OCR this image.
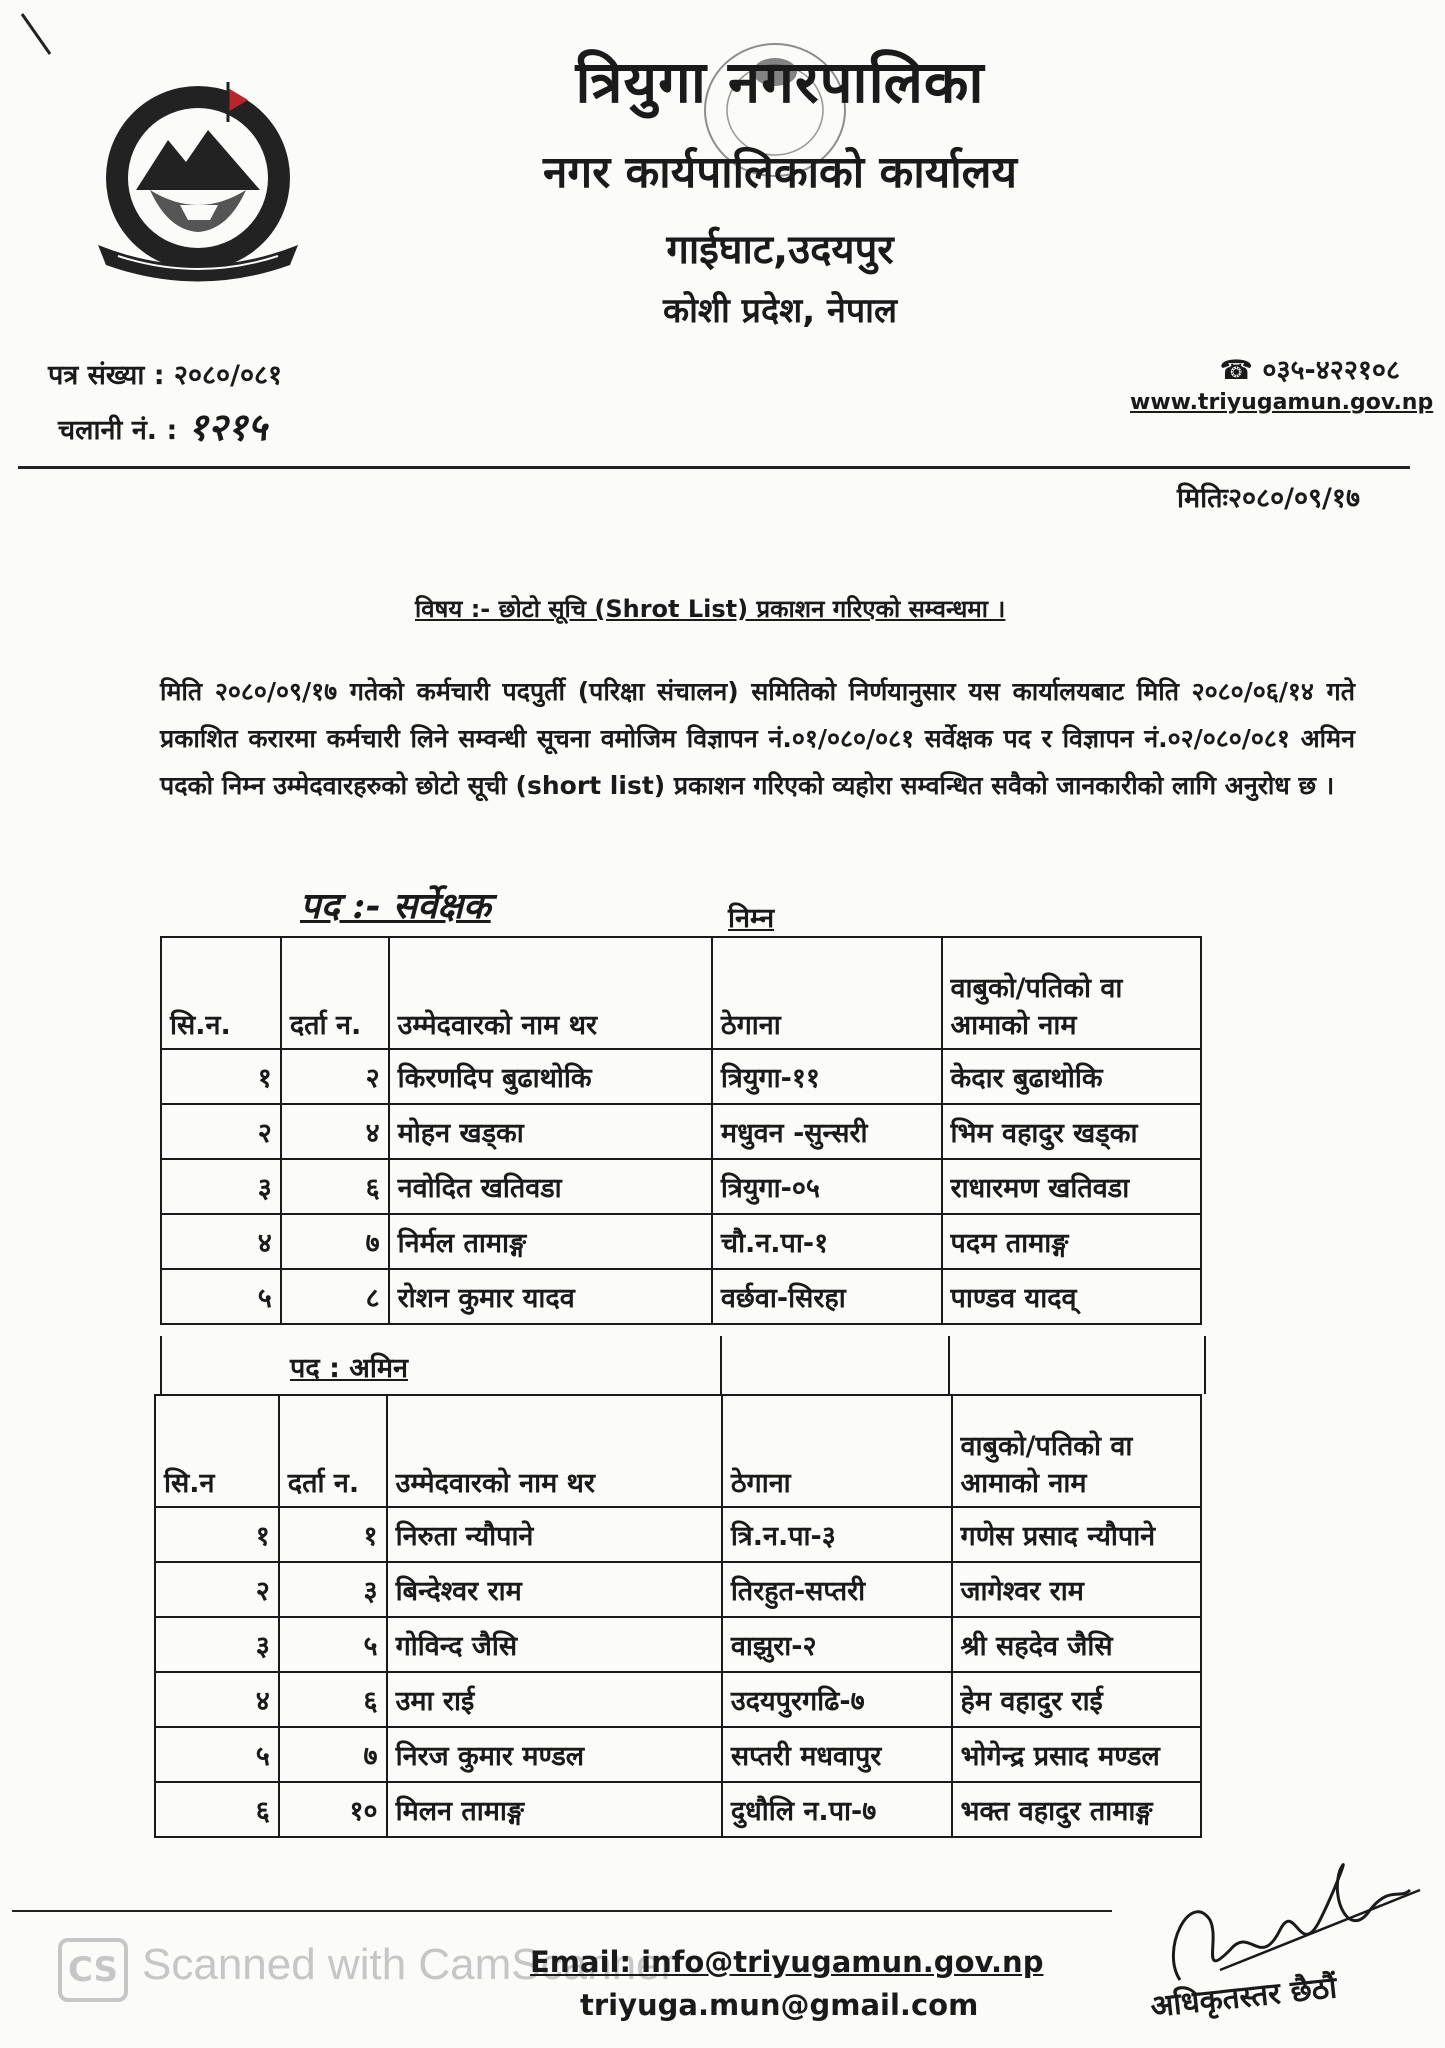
त्रियुगा नगरपालिका
नगर कार्यपालिकाको कार्यालय
गाईघाट,उदयपुर
कोशी प्रदेश, नेपाल
पत्र संख्या : २०८०/०८१
चलानी नं. : १२१५
☎ ०३५-४२२१०८
www.triyugamun.gov.np
मितिः२०८०/०९/१७
विषय :- छोटो सूचि (Shrot List) प्रकाशन गरिएको सम्वन्धमा ।
मिति २०८०/०९/१७ गतेको कर्मचारी पदपुर्ती (परिक्षा संचालन) समितिको निर्णयानुसार यस कार्यालयबाट मिति २०८०/०६/१४ गते प्रकाशित करारमा कर्मचारी लिने सम्वन्धी सूचना वमोजिम विज्ञापन नं.०१/०८०/०८१ सर्वेक्षक पद र विज्ञापन नं.०२/०८०/०८१ अमिन पदको निम्न उम्मेदवारहरुको छोटो सूची (short list) प्रकाशन गरिएको व्यहोरा सम्वन्धित सवैको जानकारीको लागि अनुरोध छ ।
पद :- सर्वेक्षक	निम्न
सि.न.	दर्ता न.	उम्मेदवारको नाम थर	ठेगाना	वाबुको/पतिको वा आमाको नाम
१	२	किरणदिप बुढाथोकि	त्रियुगा-११	केदार बुढाथोकि
२	४	मोहन खड्का	मधुवन -सुन्सरी	भिम वहादुर खड्का
३	६	नवोदित खतिवडा	त्रियुगा-०५	राधारमण खतिवडा
४	७	निर्मल तामाङ्ग	चौ.न.पा-१	पदम तामाङ्ग
५	८	रोशन कुमार यादव	वर्छवा-सिरहा	पाण्डव यादव्
पद : अमिन
सि.न	दर्ता न.	उम्मेदवारको नाम थर	ठेगाना	वाबुको/पतिको वा आमाको नाम
१	१	निरुता न्यौपाने	त्रि.न.पा-३	गणेस प्रसाद न्यौपाने
२	३	बिन्देश्वर राम	तिरहुत-सप्तरी	जागेश्वर राम
३	५	गोविन्द जैसि	वाझुरा-२	श्री सहदेव जैसि
४	६	उमा राई	उदयपुरगढि-७	हेम वहादुर राई
५	७	निरज कुमार मण्डल	सप्तरी मधवापुर	भोगेन्द्र प्रसाद मण्डल
६	१०	मिलन तामाङ्ग	दुधौलि न.पा-७	भक्त वहादुर तामाङ्ग
CS Scanned with CamScanner
Email: info@triyugamun.gov.np
triyuga.mun@gmail.com	अधिकृतस्तर छैठौं
